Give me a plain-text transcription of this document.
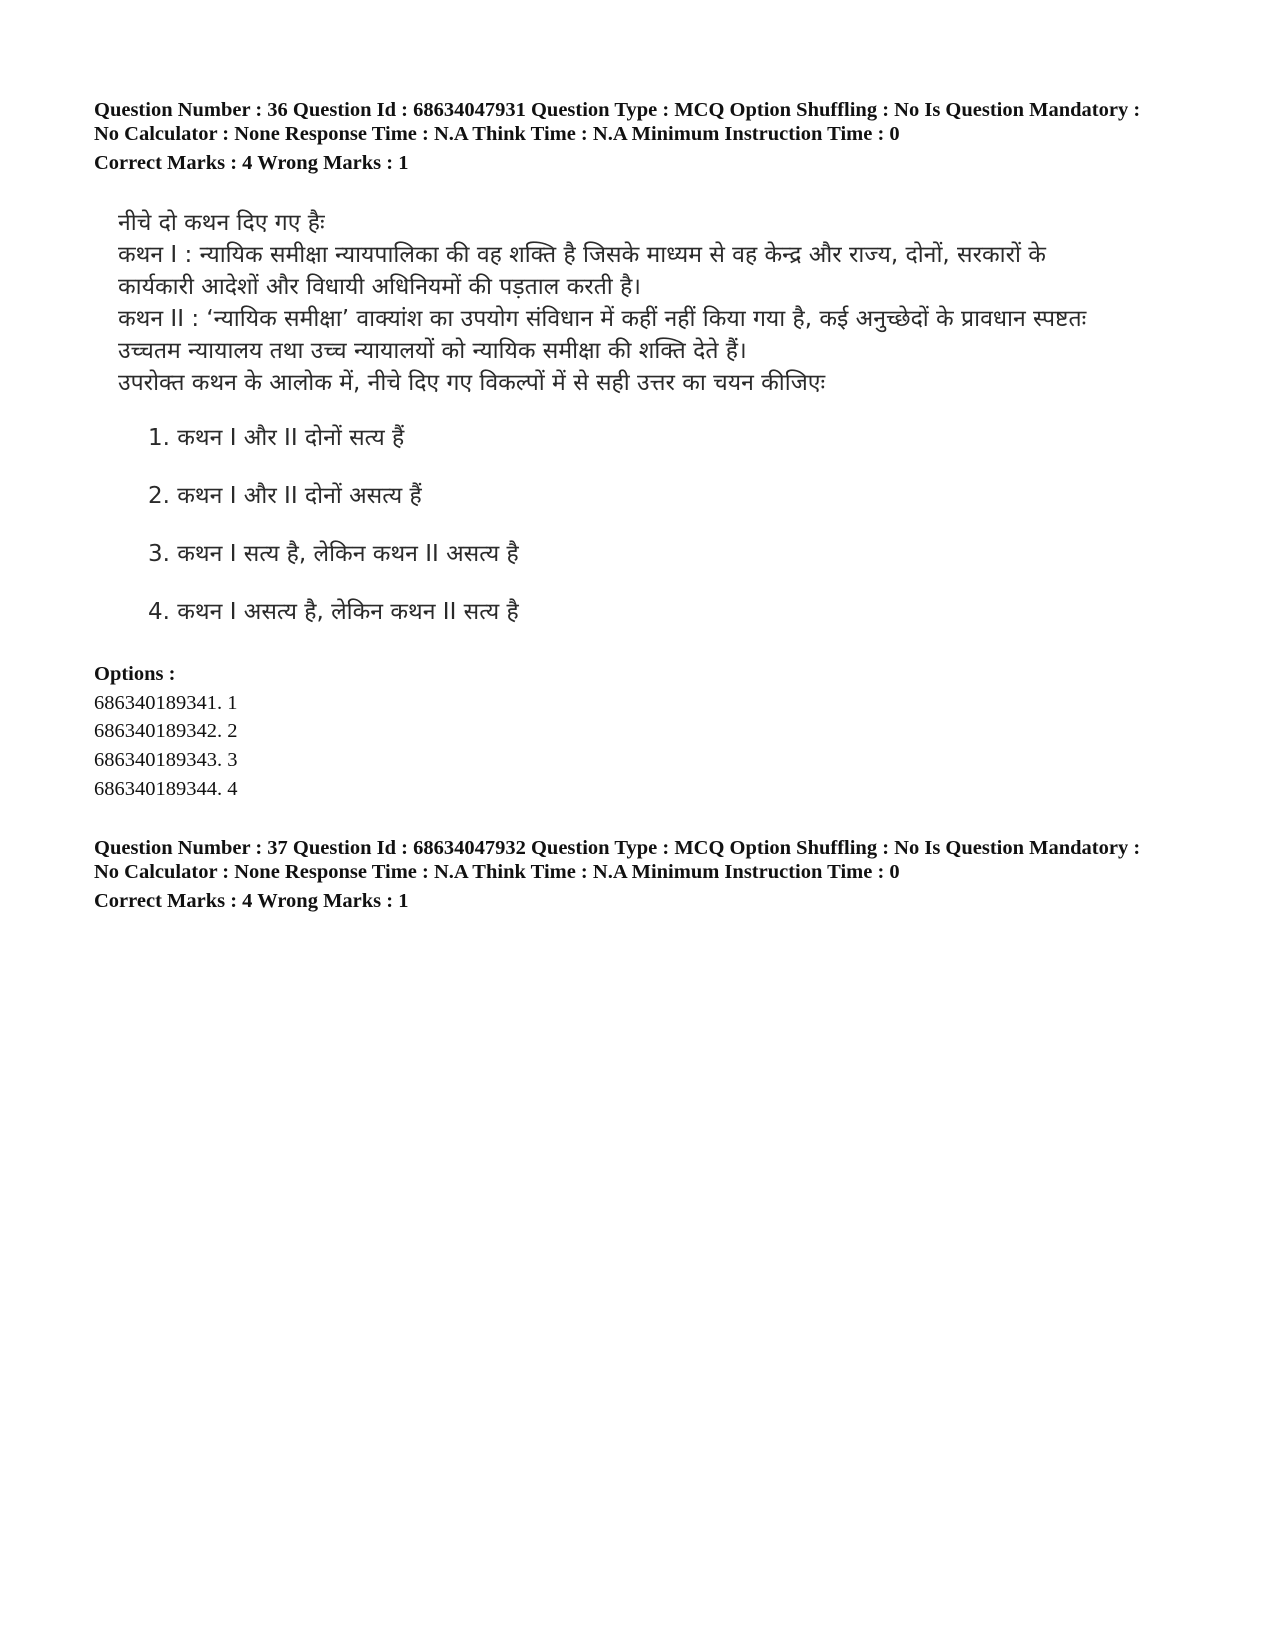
Question Number : 36 Question Id : 68634047931 Question Type : MCQ Option Shuffling : No Is Question Mandatory :
No Calculator : None Response Time : N.A Think Time : N.A Minimum Instruction Time : 0
Correct Marks : 4 Wrong Marks : 1
नीचे दो कथन दिए गए हैः
कथन I : न्यायिक समीक्षा न्यायपालिका की वह शक्ति है जिसके माध्यम से वह केन्द्र और राज्य, दोनों, सरकारों के
कार्यकारी आदेशों और विधायी अधिनियमों की पड़ताल करती है।
कथन II : ‘न्यायिक समीक्षा’ वाक्यांश का उपयोग संविधान में कहीं नहीं किया गया है, कई अनुच्छेदों के प्रावधान स्पष्टतः
उच्चतम न्यायालय तथा उच्च न्यायालयों को न्यायिक समीक्षा की शक्ति देते हैं।
उपरोक्त कथन के आलोक में, नीचे दिए गए विकल्पों में से सही उत्तर का चयन कीजिएः
1. कथन I और II दोनों सत्य हैं
2. कथन I और II दोनों असत्य हैं
3. कथन I सत्य है, लेकिन कथन II असत्य है
4. कथन I असत्य है, लेकिन कथन II सत्य है
Options :
686340189341. 1
686340189342. 2
686340189343. 3
686340189344. 4
Question Number : 37 Question Id : 68634047932 Question Type : MCQ Option Shuffling : No Is Question Mandatory :
No Calculator : None Response Time : N.A Think Time : N.A Minimum Instruction Time : 0
Correct Marks : 4 Wrong Marks : 1
